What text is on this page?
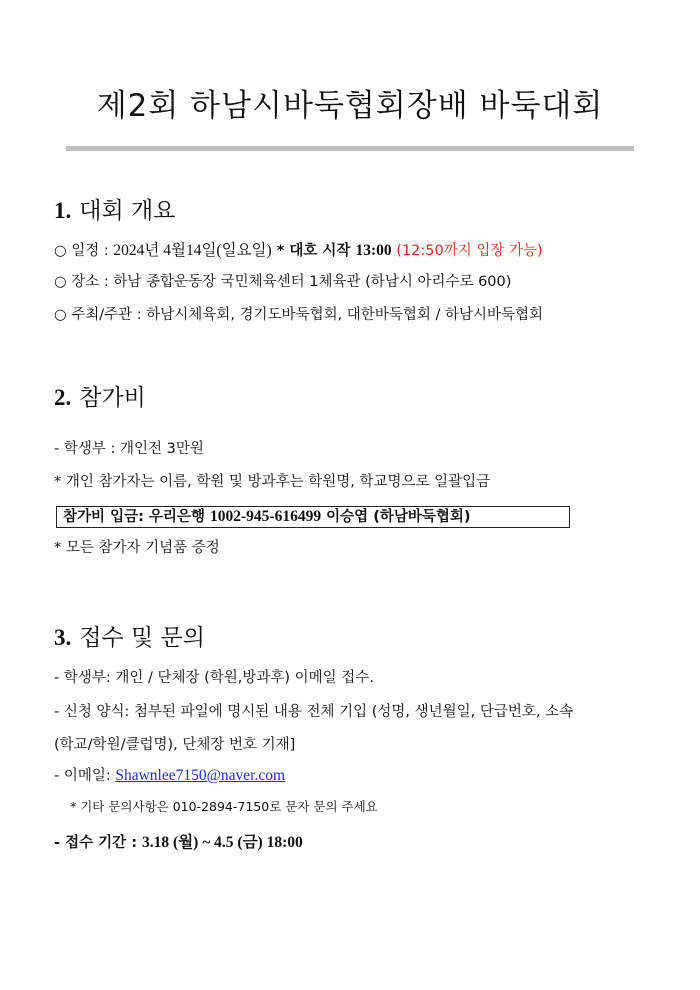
제2회 하남시바둑협회장배 바둑대회
1. 대회 개요
○ 일정 : 2024년 4월14일(일요일) * 대호 시작 13:00 (12:50까지 입장 가능)
○ 장소 : 하남 종합운동장 국민체육센터 1체육관 (하남시 아리수로 600)
○ 주최/주관 : 하남시체육회, 경기도바둑협회, 대한바둑협회 / 하남시바둑협회
2. 참가비
- 학생부 : 개인전 3만원
* 개인 참가자는 이름, 학원 및 방과후는 학원명, 학교명으로 일괄입금
참가비 입금: 우리은행 1002-945-616499 이승엽 (하남바둑협회)
* 모든 참가자 기념품 증정
3. 접수 및 문의
- 학생부: 개인 / 단체장 (학원,방과후) 이메일 접수.
- 신청 양식: 첨부된 파일에 명시된 내용 전체 기입 (성명, 생년월일, 단급번호, 소속
(학교/학원/클럽명), 단체장 번호 기재]
- 이메일: Shawnlee7150@naver.com
* 기타 문의사항은 010-2894-7150로 문자 문의 주세요
- 접수 기간 : 3.18 (월) ~ 4.5 (금) 18:00
